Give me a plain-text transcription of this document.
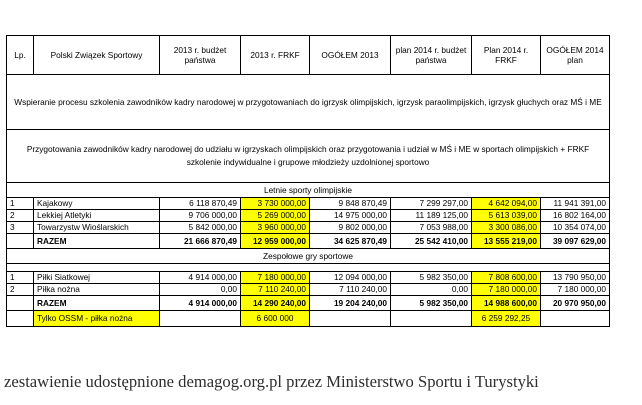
Lp.	Polski Związek Sportowy	2013 r. budżet państwa	2013 r. FRKF	OGÓŁEM 2013	plan 2014 r. budżet państwa	Plan 2014 r. FRKF	OGÓŁEM 2014 plan
Wspieranie procesu szkolenia zawodników kadry narodowej w przygotowaniach do igrzysk olimpijskich, igrzysk paraolimpijskich, igrzysk głuchych oraz MŚ i ME							
Przygotowania zawodników kadry narodowej do udziału w igrzyskach olimpijskich oraz przygotowania i udział w MŚ i ME w sportach olimpijskich + FRKF szkolenie indywidualne i grupowe młodzieży uzdolnionej sportowo							
Letnie sporty olimpijskie							
1	Kajakowy	6 118 870,49	3 730 000,00	9 848 870,49	7 299 297,00	4 642 094,00	11 941 391,00
2	Lekkiej Atletyki	9 706 000,00	5 269 000,00	14 975 000,00	11 189 125,00	5 613 039,00	16 802 164,00
3	Towarzystw Wioślarskich	5 842 000,00	3 960 000,00	9 802 000,00	7 053 988,00	3 300 086,00	10 354 074,00
	RAZEM	21 666 870,49	12 959 000,00	34 625 870,49	25 542 410,00	13 555 219,00	39 097 629,00
Zespołowe gry sportowe							

1	Piłki Siatkowej	4 914 000,00	7 180 000,00	12 094 000,00	5 982 350,00	7 808 600,00	13 790 950,00
2	Piłka nożna	0,00	7 110 240,00	7 110 240,00	0,00	7 180 000,00	7 180 000,00
	RAZEM	4 914 000,00	14 290 240,00	19 204 240,00	5 982 350,00	14 988 600,00	20 970 950,00
	Tylko OSSM - piłka nożna		6 600 000			6 259 292,25	
zestawienie udostępnione demagog.org.pl przez Ministerstwo Sportu i Turystyki
